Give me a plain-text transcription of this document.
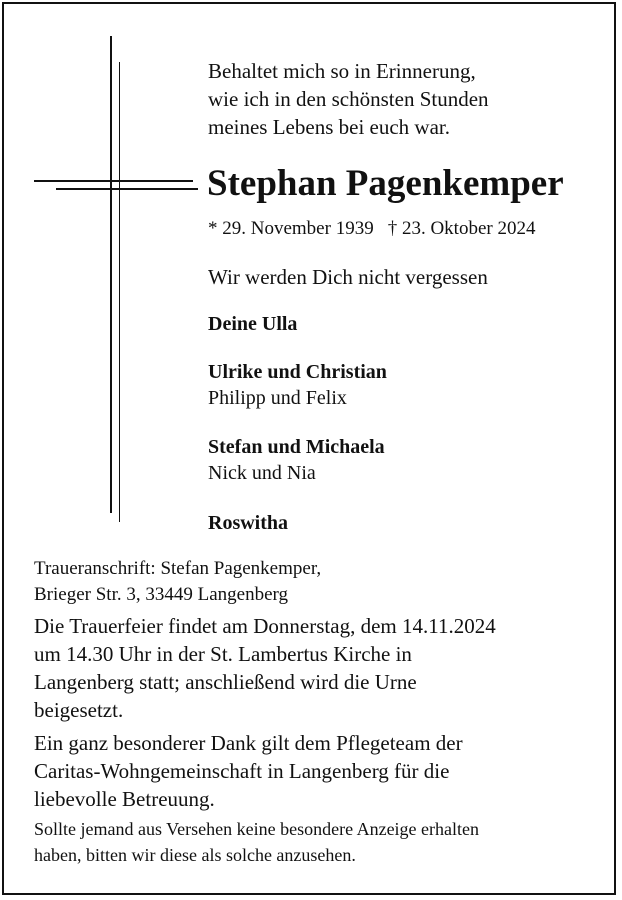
Behaltet mich so in Erinnerung,
wie ich in den schönsten Stunden
meines Lebens bei euch war.
Stephan Pagenkemper
* 29. November 1939 † 23. Oktober 2024
Wir werden Dich nicht vergessen
Deine Ulla
Ulrike und Christian
Philipp und Felix
Stefan und Michaela
Nick und Nia
Roswitha
Traueranschrift: Stefan Pagenkemper,
Brieger Str. 3, 33449 Langenberg
Die Trauerfeier findet am Donnerstag, dem 14.11.2024
um 14.30 Uhr in der St. Lambertus Kirche in
Langenberg statt; anschließend wird die Urne
beigesetzt.
Ein ganz besonderer Dank gilt dem Pflegeteam der
Caritas-Wohngemeinschaft in Langenberg für die
liebevolle Betreuung.
Sollte jemand aus Versehen keine besondere Anzeige erhalten
haben, bitten wir diese als solche anzusehen.
